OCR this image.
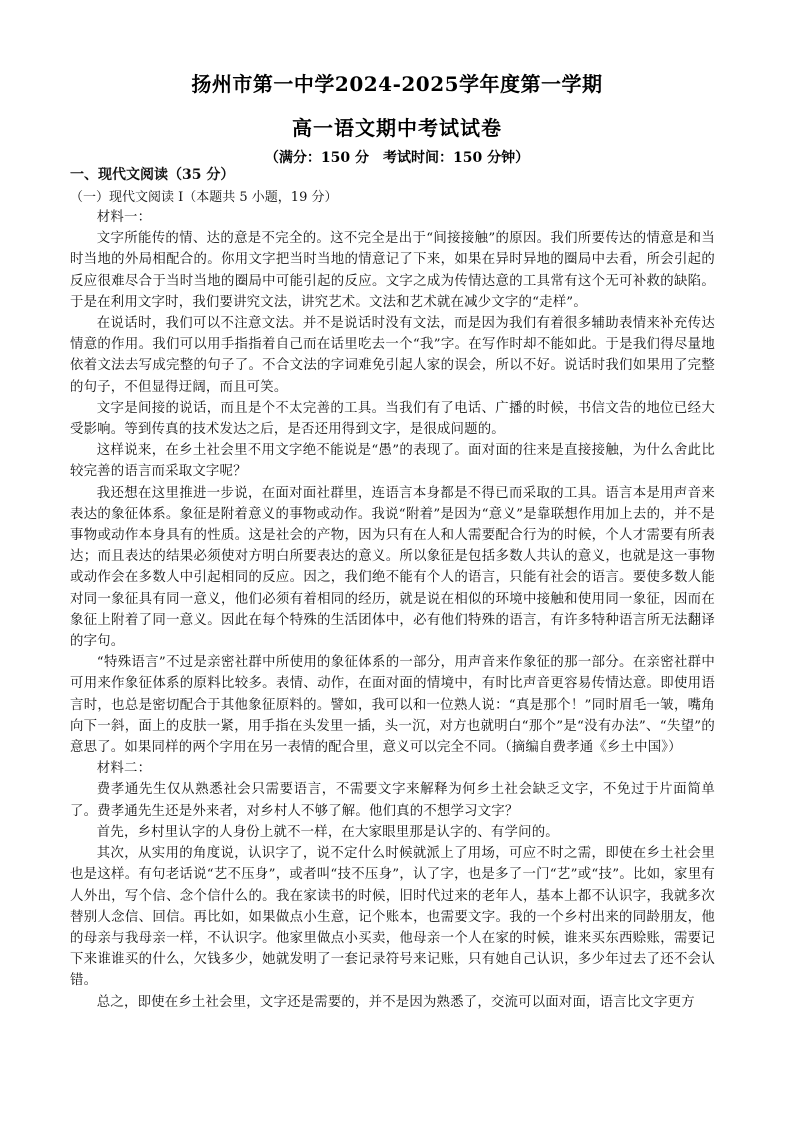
扬州市第一中学2024-2025学年度第一学期
高一语文期中考试试卷
（满分：150 分　考试时间：150 分钟）
一、现代文阅读（35 分）
（一）现代文阅读 I（本题共 5 小题，19 分）

材料一：

文字所能传的情、达的意是不完全的。这不完全是出于“间接接触”的原因。我们所要传达的情意是和当时当地的外局相配合的。你用文字把当时当地的情意记了下来，如果在异时异地的圈局中去看，所会引起的反应很难尽合于当时当地的圈局中可能引起的反应。文字之成为传情达意的工具常有这个无可补救的缺陷。于是在利用文字时，我们要讲究文法，讲究艺术。文法和艺术就在减少文字的“走样”。

在说话时，我们可以不注意文法。并不是说话时没有文法，而是因为我们有着很多辅助表情来补充传达情意的作用。我们可以用手指指着自己而在话里吃去一个“我”字。在写作时却不能如此。于是我们得尽量地依着文法去写成完整的句子了。不合文法的字词难免引起人家的误会，所以不好。说话时我们如果用了完整的句子，不但显得迂阔，而且可笑。

文字是间接的说话，而且是个不太完善的工具。当我们有了电话、广播的时候，书信文告的地位已经大受影响。等到传真的技术发达之后，是否还用得到文字，是很成问题的。

这样说来，在乡土社会里不用文字绝不能说是“愚”的表现了。面对面的往来是直接接触，为什么舍此比较完善的语言而采取文字呢？

我还想在这里推进一步说，在面对面社群里，连语言本身都是不得已而采取的工具。语言本是用声音来表达的象征体系。象征是附着意义的事物或动作。我说“附着”是因为“意义”是靠联想作用加上去的，并不是事物或动作本身具有的性质。这是社会的产物，因为只有在人和人需要配合行为的时候，个人才需要有所表达；而且表达的结果必须使对方明白所要表达的意义。所以象征是包括多数人共认的意义，也就是这一事物或动作会在多数人中引起相同的反应。因之，我们绝不能有个人的语言，只能有社会的语言。要使多数人能对同一象征具有同一意义，他们必须有着相同的经历，就是说在相似的环境中接触和使用同一象征，因而在象征上附着了同一意义。因此在每个特殊的生活团体中，必有他们特殊的语言，有许多特种语言所无法翻译的字句。

“特殊语言”不过是亲密社群中所使用的象征体系的一部分，用声音来作象征的那一部分。在亲密社群中可用来作象征体系的原料比较多。表情、动作，在面对面的情境中，有时比声音更容易传情达意。即使用语言时，也总是密切配合于其他象征原料的。譬如，我可以和一位熟人说：“真是那个！”同时眉毛一皱，嘴角向下一斜，面上的皮肤一紧，用手指在头发里一插，头一沉，对方也就明白“那个”是“没有办法”、“失望”的意思了。如果同样的两个字用在另一表情的配合里，意义可以完全不同。（摘编自费孝通《乡土中国》）

材料二：

费孝通先生仅从熟悉社会只需要语言，不需要文字来解释为何乡土社会缺乏文字，不免过于片面简单了。费孝通先生还是外来者，对乡村人不够了解。他们真的不想学习文字？

首先，乡村里认字的人身份上就不一样，在大家眼里那是认字的、有学问的。

其次，从实用的角度说，认识字了，说不定什么时候就派上了用场，可应不时之需，即使在乡土社会里也是这样。有句老话说“艺不压身”，或者叫“技不压身”，认了字，也是多了一门“艺”或“技”。比如，家里有人外出，写个信、念个信什么的。我在家读书的时候，旧时代过来的老年人，基本上都不认识字，我就多次替别人念信、回信。再比如，如果做点小生意，记个账本，也需要文字。我的一个乡村出来的同龄朋友，他的母亲与我母亲一样，不认识字。他家里做点小买卖，他母亲一个人在家的时候，谁来买东西赊账，需要记下来谁谁买的什么，欠钱多少，她就发明了一套记录符号来记账，只有她自己认识，多少年过去了还不会认错。

总之，即使在乡土社会里，文字还是需要的，并不是因为熟悉了，交流可以面对面，语言比文字更方
